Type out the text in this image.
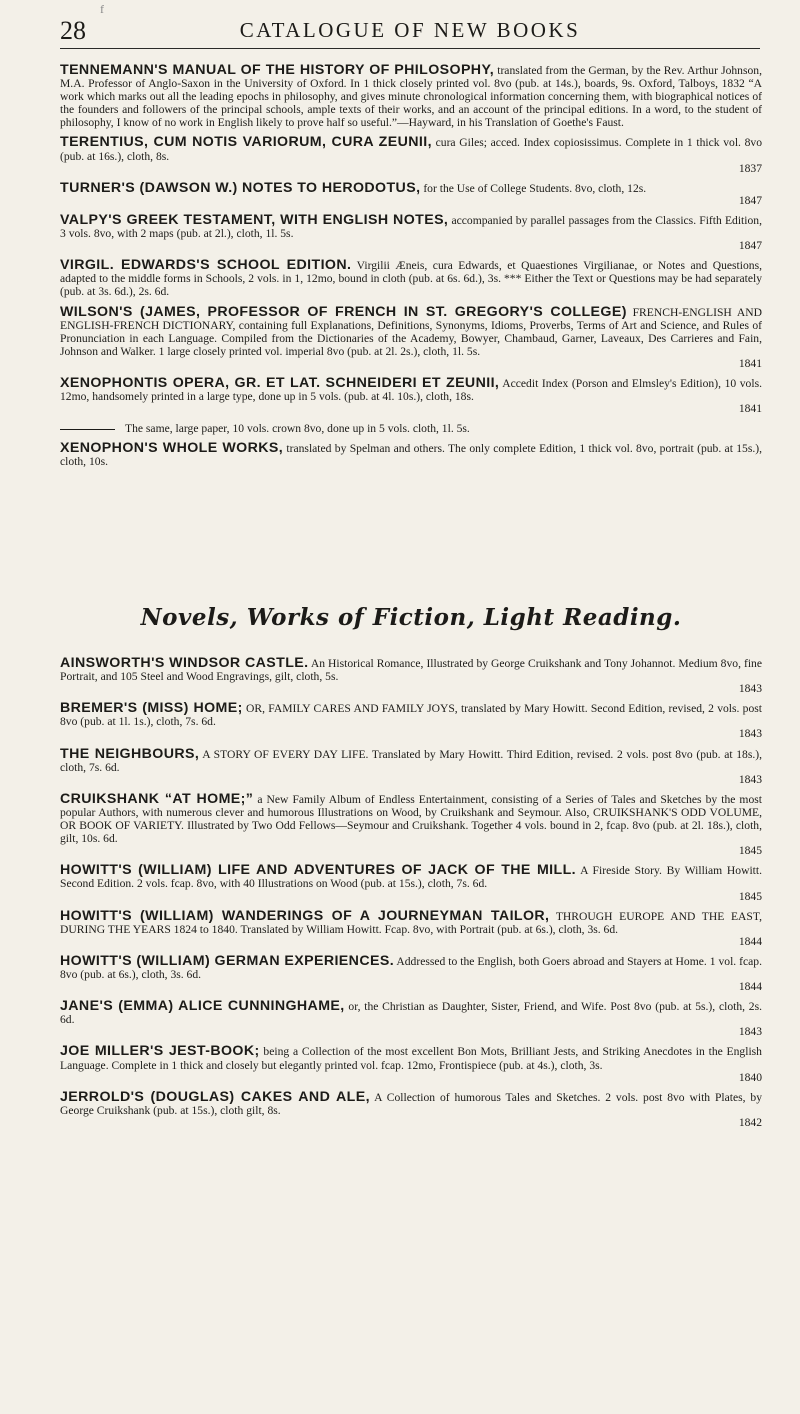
f
28	CATALOGUE OF NEW BOOKS

TENNEMANN'S MANUAL OF THE HISTORY OF PHILOSOPHY, translated from the German, by the Rev. Arthur Johnson, M.A. Professor of Anglo-Saxon in the University of Oxford. In 1 thick closely printed vol. 8vo (pub. at 14s.), boards, 9s. Oxford, Talboys, 1832 “A work which marks out all the leading epochs in philosophy, and gives minute chronological information concerning them, with biographical notices of the founders and followers of the principal schools, ample texts of their works, and an account of the principal editions. In a word, to the student of philosophy, I know of no work in English likely to prove half so useful.”—Hayward, in his Translation of Goethe's Faust.

TERENTIUS, CUM NOTIS VARIORUM, CURA ZEUNII, cura Giles; acced. Index copiosissimus. Complete in 1 thick vol. 8vo (pub. at 16s.), cloth, 8s.
1837

TURNER'S (DAWSON W.) NOTES TO HERODOTUS, for the Use of College Students. 8vo, cloth, 12s.
1847

VALPY'S GREEK TESTAMENT, WITH ENGLISH NOTES, accompanied by parallel passages from the Classics. Fifth Edition, 3 vols. 8vo, with 2 maps (pub. at 2l.), cloth, 1l. 5s.
1847

VIRGIL. EDWARDS'S SCHOOL EDITION. Virgilii Æneis, cura Edwards, et Quaestiones Virgilianae, or Notes and Questions, adapted to the middle forms in Schools, 2 vols. in 1, 12mo, bound in cloth (pub. at 6s. 6d.), 3s. *** Either the Text or Questions may be had separately (pub. at 3s. 6d.), 2s. 6d.

WILSON'S (JAMES, PROFESSOR OF FRENCH IN ST. GREGORY'S COLLEGE) FRENCH-ENGLISH AND ENGLISH-FRENCH DICTIONARY, containing full Explanations, Definitions, Synonyms, Idioms, Proverbs, Terms of Art and Science, and Rules of Pronunciation in each Language. Compiled from the Dictionaries of the Academy, Bowyer, Chambaud, Garner, Laveaux, Des Carrieres and Fain, Johnson and Walker. 1 large closely printed vol. imperial 8vo (pub. at 2l. 2s.), cloth, 1l. 5s.
1841

XENOPHONTIS OPERA, GR. ET LAT. SCHNEIDERI ET ZEUNII, Accedit Index (Porson and Elmsley's Edition), 10 vols. 12mo, handsomely printed in a large type, done up in 5 vols. (pub. at 4l. 10s.), cloth, 18s.
1841

The same, large paper, 10 vols. crown 8vo, done up in 5 vols. cloth, 1l. 5s.

XENOPHON'S WHOLE WORKS, translated by Spelman and others. The only complete Edition, 1 thick vol. 8vo, portrait (pub. at 15s.), cloth, 10s.

Novels, Works of Fiction, Light Reading.

AINSWORTH'S WINDSOR CASTLE. An Historical Romance, Illustrated by George Cruikshank and Tony Johannot. Medium 8vo, fine Portrait, and 105 Steel and Wood Engravings, gilt, cloth, 5s.
1843

BREMER'S (MISS) HOME; OR, FAMILY CARES AND FAMILY JOYS, translated by Mary Howitt. Second Edition, revised, 2 vols. post 8vo (pub. at 1l. 1s.), cloth, 7s. 6d.
1843

THE NEIGHBOURS, A STORY OF EVERY DAY LIFE. Translated by Mary Howitt. Third Edition, revised. 2 vols. post 8vo (pub. at 18s.), cloth, 7s. 6d.
1843

CRUIKSHANK “AT HOME;” a New Family Album of Endless Entertainment, consisting of a Series of Tales and Sketches by the most popular Authors, with numerous clever and humorous Illustrations on Wood, by Cruikshank and Seymour. Also, CRUIKSHANK'S ODD VOLUME, OR BOOK OF VARIETY. Illustrated by Two Odd Fellows—Seymour and Cruikshank. Together 4 vols. bound in 2, fcap. 8vo (pub. at 2l. 18s.), cloth, gilt, 10s. 6d.
1845

HOWITT'S (WILLIAM) LIFE AND ADVENTURES OF JACK OF THE MILL. A Fireside Story. By William Howitt. Second Edition. 2 vols. fcap. 8vo, with 40 Illustrations on Wood (pub. at 15s.), cloth, 7s. 6d.
1845

HOWITT'S (WILLIAM) WANDERINGS OF A JOURNEYMAN TAILOR, THROUGH EUROPE AND THE EAST, DURING THE YEARS 1824 to 1840. Translated by William Howitt. Fcap. 8vo, with Portrait (pub. at 6s.), cloth, 3s. 6d.
1844

HOWITT'S (WILLIAM) GERMAN EXPERIENCES. Addressed to the English, both Goers abroad and Stayers at Home. 1 vol. fcap. 8vo (pub. at 6s.), cloth, 3s. 6d.
1844

JANE'S (EMMA) ALICE CUNNINGHAME, or, the Christian as Daughter, Sister, Friend, and Wife. Post 8vo (pub. at 5s.), cloth, 2s. 6d.
1843

JOE MILLER'S JEST-BOOK; being a Collection of the most excellent Bon Mots, Brilliant Jests, and Striking Anecdotes in the English Language. Complete in 1 thick and closely but elegantly printed vol. fcap. 12mo, Frontispiece (pub. at 4s.), cloth, 3s.
1840

JERROLD'S (DOUGLAS) CAKES AND ALE, A Collection of humorous Tales and Sketches. 2 vols. post 8vo with Plates, by George Cruikshank (pub. at 15s.), cloth gilt, 8s.
1842
